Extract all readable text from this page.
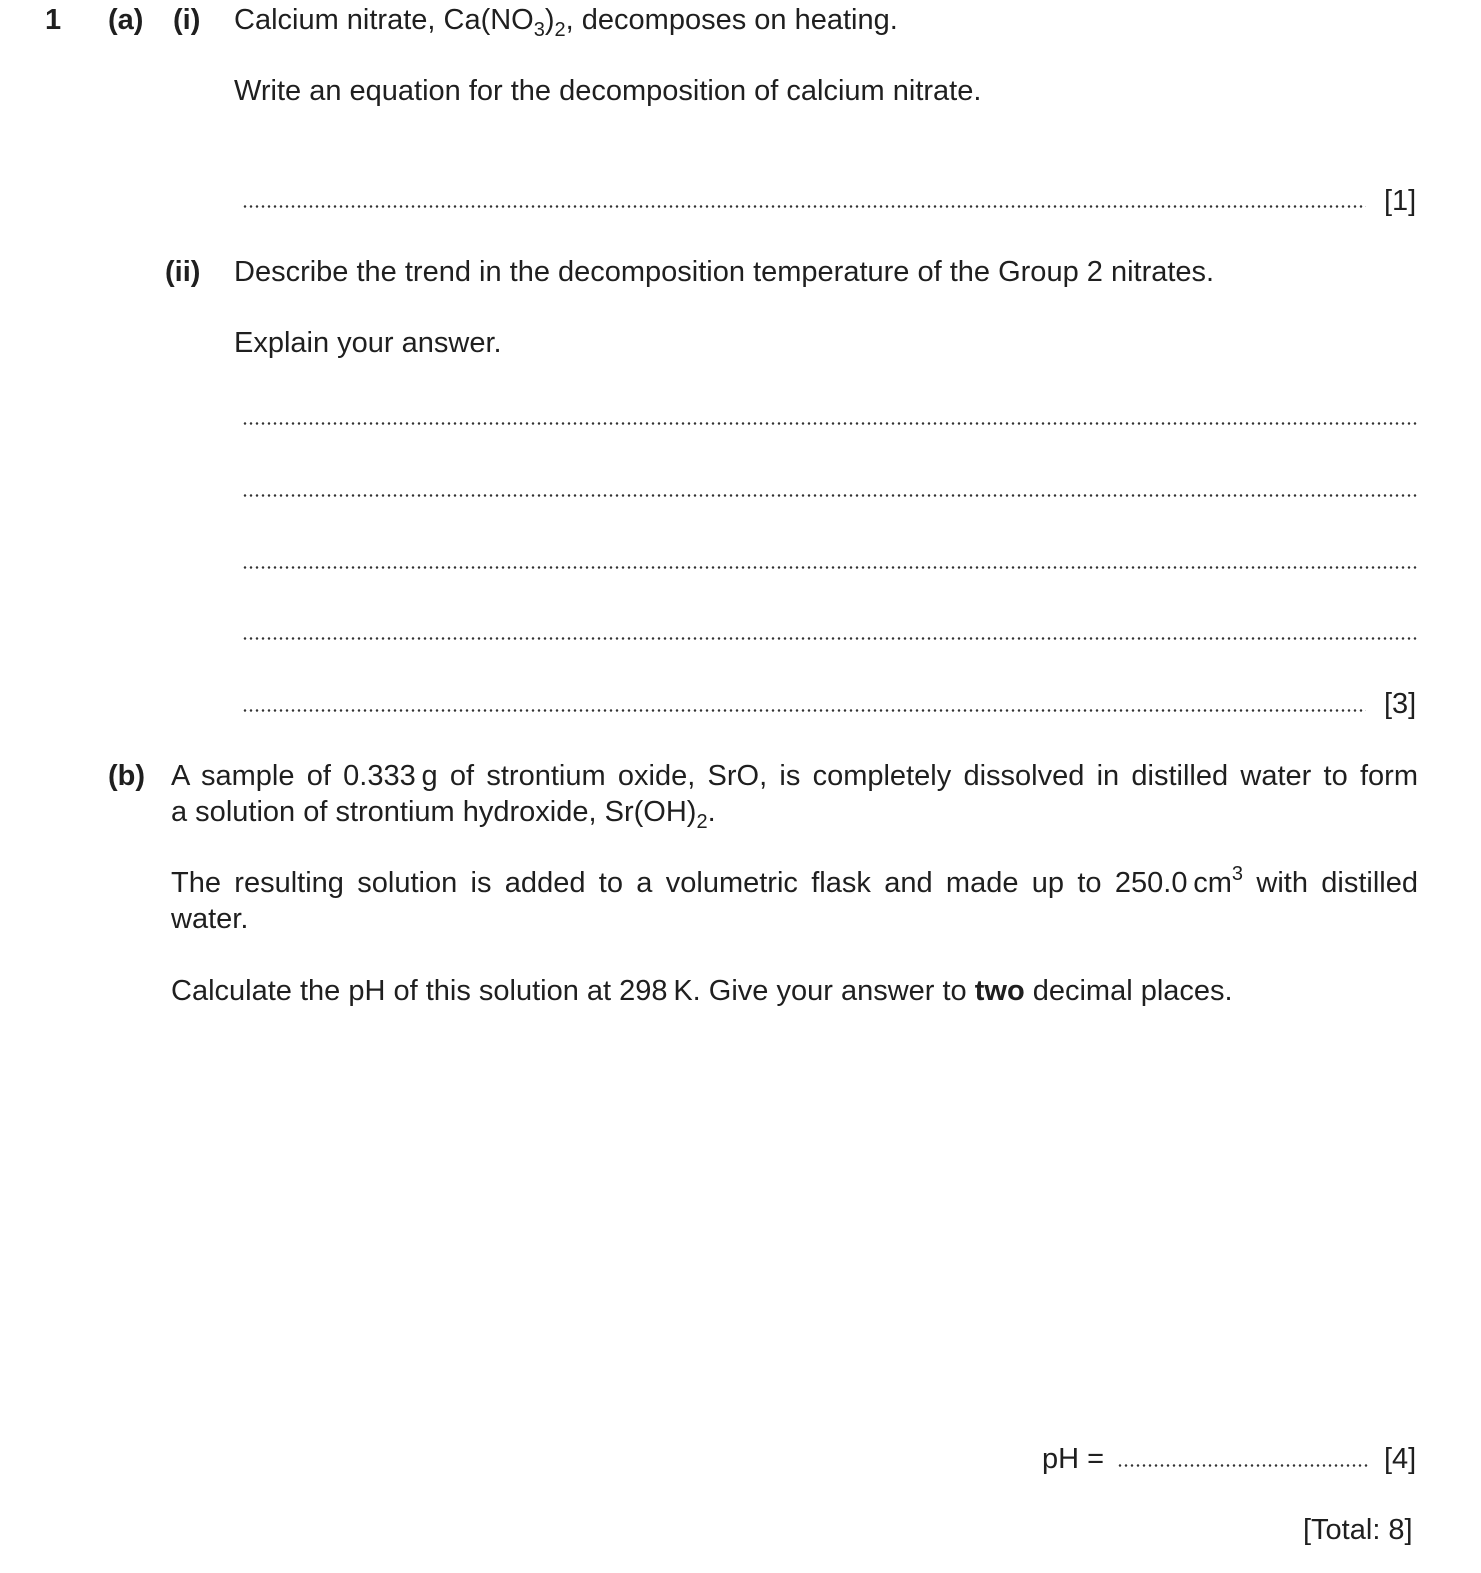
1 (a) (i) Calcium nitrate, $Ca(NO_3)_2$, decomposes on heating.
Write an equation for the decomposition of calcium nitrate.
[1]
(ii) Describe the trend in the decomposition temperature of the Group 2 nitrates.
Explain your answer.
[3]
(b) A sample of 0.333 g of strontium oxide, SrO, is completely dissolved in distilled water to form
a solution of strontium hydroxide, $Sr(OH)_2$.
The resulting solution is added to a volumetric flask and made up to 250.0 $cm^3$ with distilled
water.
Calculate the pH of this solution at 298 K. Give your answer to two decimal places.
pH =	[4]
[Total: 8]
